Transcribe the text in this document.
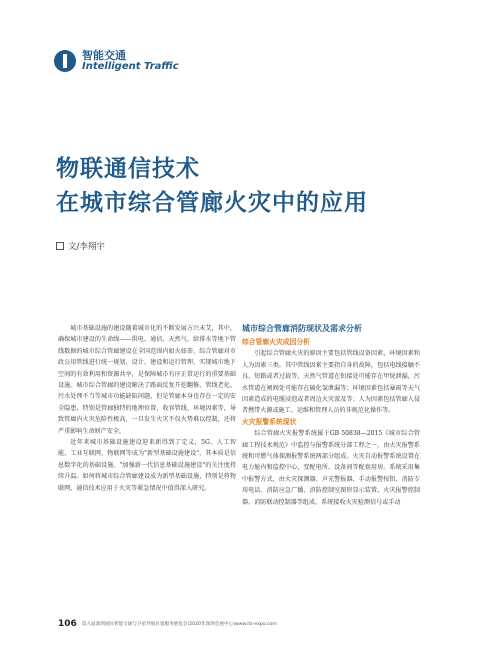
智能交通
Intelligent Traffic
物联通信技术
在城市综合管廊火灾中的应用
文/李翔宇

城市基础设施的建设随着城市化的不断发展方兴未艾，其中，确保城市建设的生命线——供电、通信、天然气、给排水等地下管线数据的城市综合管廊建设在全国范围内如火如荼。综合管廊对市政公用管线进行统一规划、设计、建设和运行管理，实现城市地下空间的有效利用和资源共享，是保障城市有序正常运行的重要基础设施。城市综合管廊的建设解决了路面反复开挖翻修、管线老化、污水处理不当等城市功能缺陷问题，但是管廊本身也存在一定的安全隐患，特别是管廊独特的地理位置、收容管线、环境因素等，导致管廊内火灾危险性极高，一旦发生火灾不仅火势难以控制，还将严重影响生命财产安全。

近年来城市基础设施建设迎来新得到了定义，5G、人工智能、工业互联网、物联网等成为"新型基础设施建设"，其本质是信息数字化的基础设施。"加强新一代信息基础设施建设"的关注度持续升温。如何将城市综合管廊建设成为新型基础设施，特别是将物联网、通信技术应用于火灾等紧急情况中值得深入研究。

城市综合管廊消防现状及需求分析
综合管廊火灾成因分析

引起综合管廊火灾的原因主要包括管线设备因素、环境因素和人为因素三类。其中管线因素主要指自身的故障，包括电线接触不良、短路或者过载等，天然气管道在衔接处可能存在甲烷泄漏，污水管道在闸阀处可能存在硫化氢泄漏等；环境因素包括暴雨等天气因素造成的电缆浸泡或者周边火灾波及等；人为因素包括管廊入侵者携带火源或施工、运维和管理人员的非规范化操作等。

火灾报警系统现状

综合管廊火灾报警系统属于GB 50838—2015《城市综合管廊工程技术规范》中监控与报警系统分部工程之一，由火灾报警系统和可燃气体探测报警系统两部分组成。火灾自动报警系统设置在电力舱内和监控中心，变配电所、设备间等配套用房。系统采用集中报警方式，由火灾探测器、声光警报器、手动报警按钮、消防专用电话、消防应急广播、消防控制室图形显示装置、火灾报警控制器、消防联动控制器等组成。系统接收火灾检测信号或手动

106 第九届深圳国际智能交通与卫星导航位置服务展览会(2020年深圳会展中心)www.its-expo.com
